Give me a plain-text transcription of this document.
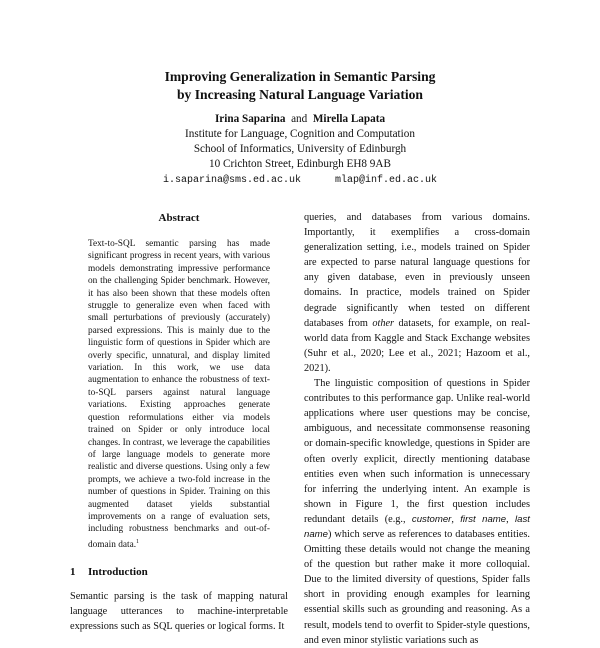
Improving Generalization in Semantic Parsing
by Increasing Natural Language Variation
Irina Saparina and Mirella Lapata
Institute for Language, Cognition and Computation
School of Informatics, University of Edinburgh
10 Crichton Street, Edinburgh EH8 9AB
i.saparina@sms.ed.ac.uk	mlap@inf.ed.ac.uk
Abstract
Text-to-SQL semantic parsing has made significant progress in recent years, with various models demonstrating impressive performance on the challenging Spider benchmark. However, it has also been shown that these models often struggle to generalize even when faced with small perturbations of previously (accurately) parsed expressions. This is mainly due to the linguistic form of questions in Spider which are overly specific, unnatural, and display limited variation. In this work, we use data augmentation to enhance the robustness of text-to-SQL parsers against natural language variations. Existing approaches generate question reformulations either via models trained on Spider or only introduce local changes. In contrast, we leverage the capabilities of large language models to generate more realistic and diverse questions. Using only a few prompts, we achieve a two-fold increase in the number of questions in Spider. Training on this augmented dataset yields substantial improvements on a range of evaluation sets, including robustness benchmarks and out-of-domain data.$^1$
1 Introduction
Semantic parsing is the task of mapping natural language utterances to machine-interpretable expressions such as SQL queries or logical forms. It

queries, and databases from various domains. Importantly, it exemplifies a cross-domain generalization setting, i.e., models trained on Spider are expected to parse natural language questions for any given database, even in previously unseen domains. In practice, models trained on Spider degrade significantly when tested on different databases from other datasets, for example, on real-world data from Kaggle and Stack Exchange websites (Suhr et al., 2020; Lee et al., 2021; Hazoom et al., 2021).

The linguistic composition of questions in Spider contributes to this performance gap. Unlike real-world applications where user questions may be concise, ambiguous, and necessitate commonsense reasoning or domain-specific knowledge, questions in Spider are often overly explicit, directly mentioning database entities even when such information is unnecessary for inferring the underlying intent. An example is shown in Figure 1, the first question includes redundant details (e.g., customer, first name, last name) which serve as references to databases entities. Omitting these details would not change the meaning of the question but rather make it more colloquial. Due to the limited diversity of questions, Spider falls short in providing enough examples for learning essential skills such as grounding and reasoning. As a result, models tend to overfit to Spider-style questions, and even minor stylistic variations such as
